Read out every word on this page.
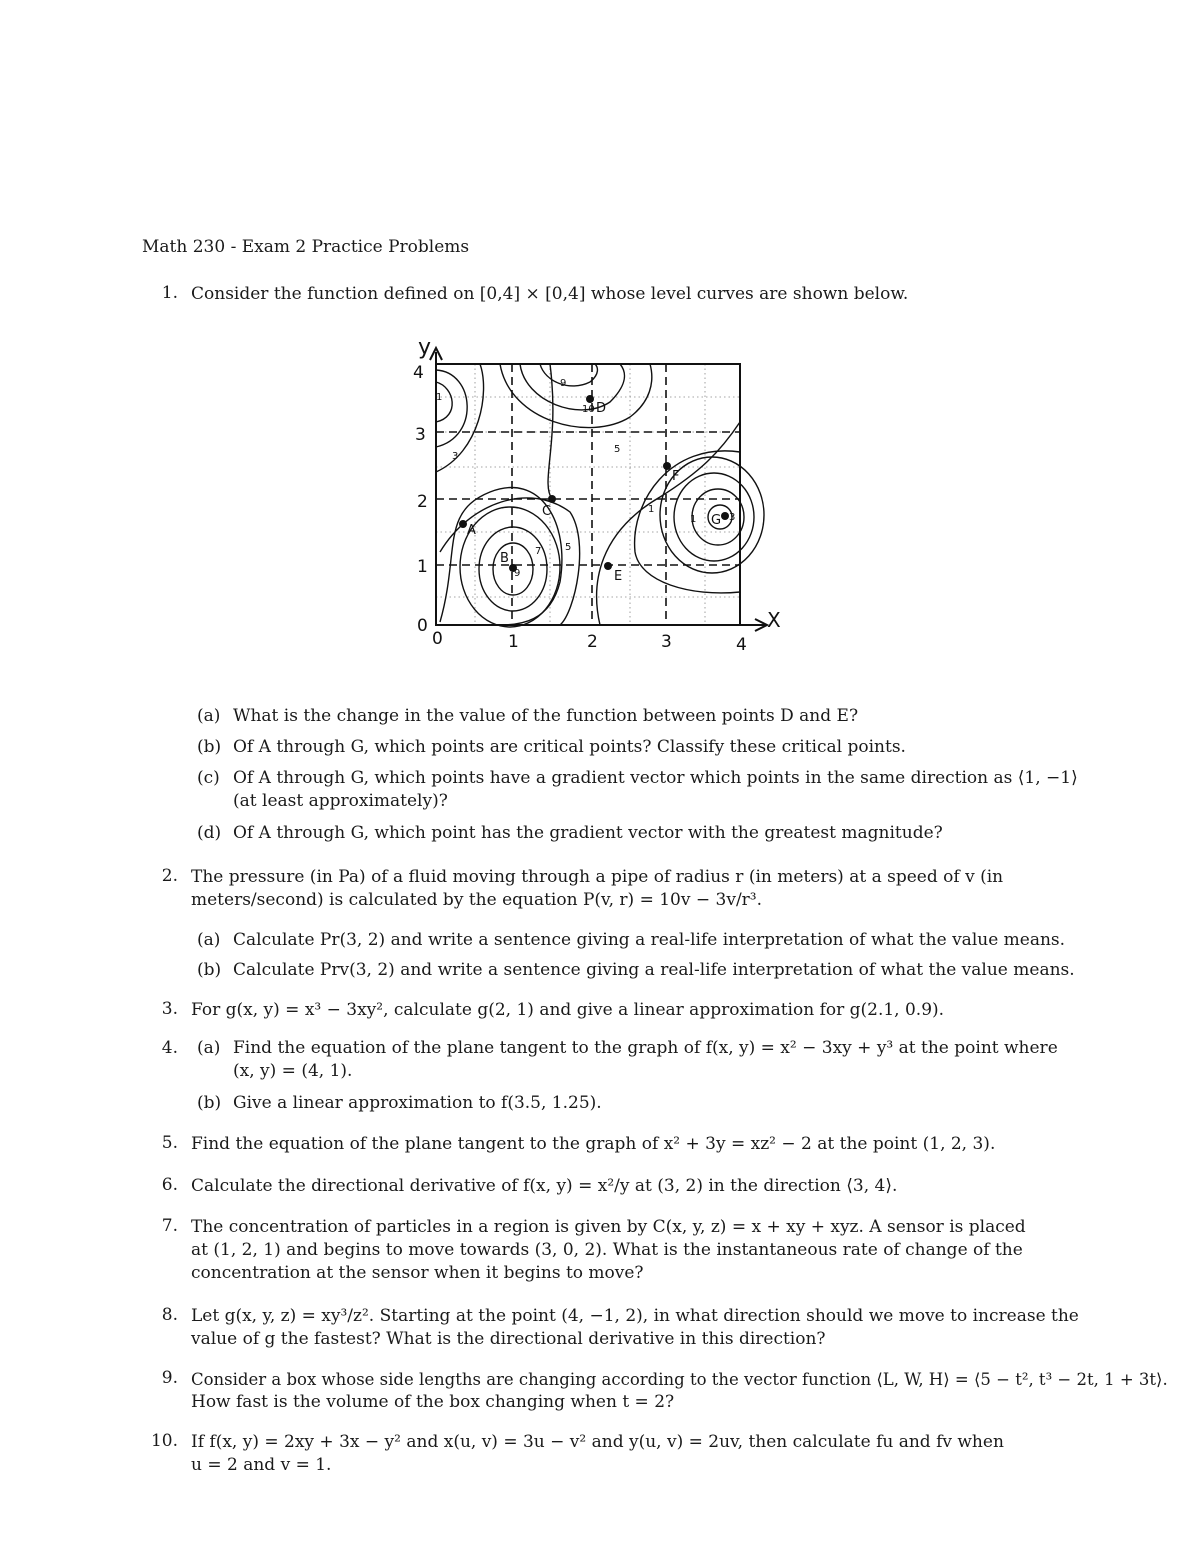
Math 230 - Exam 2 Practice Problems
1. Consider the function defined on [0,4] × [0,4] whose level curves are shown below.
A
B
C
D
E
F
G
1
3
9
10
5
7 5
9
1
1	3
0	1	2	3	4
0
1
2
3
4
X
y
(a) What is the change in the value of the function between points D and E?
(b) Of A through G, which points are critical points? Classify these critical points.
(c) Of A through G, which points have a gradient vector which points in the same direction as ⟨1, −1⟩
(at least approximately)?
(d) Of A through G, which point has the gradient vector with the greatest magnitude?
2. The pressure (in Pa) of a fluid moving through a pipe of radius r (in meters) at a speed of v (in
meters/second) is calculated by the equation P(v, r) = 10v − 3v/r³.
(a) Calculate Pr(3, 2) and write a sentence giving a real-life interpretation of what the value means.
(b) Calculate Prv(3, 2) and write a sentence giving a real-life interpretation of what the value means.
3. For g(x, y) = x³ − 3xy², calculate g(2, 1) and give a linear approximation for g(2.1, 0.9).
4. (a) Find the equation of the plane tangent to the graph of f(x, y) = x² − 3xy + y³ at the point where
(x, y) = (4, 1).
(b) Give a linear approximation to f(3.5, 1.25).
5. Find the equation of the plane tangent to the graph of x² + 3y = xz² − 2 at the point (1, 2, 3).
6. Calculate the directional derivative of f(x, y) = x²/y at (3, 2) in the direction ⟨3, 4⟩.
7. The concentration of particles in a region is given by C(x, y, z) = x + xy + xyz. A sensor is placed
at (1, 2, 1) and begins to move towards (3, 0, 2). What is the instantaneous rate of change of the
concentration at the sensor when it begins to move?
8. Let g(x, y, z) = xy³/z². Starting at the point (4, −1, 2), in what direction should we move to increase the
value of g the fastest? What is the directional derivative in this direction?
9. Consider a box whose side lengths are changing according to the vector function ⟨L, W, H⟩ = ⟨5 − t², t³ − 2t, 1 + 3t⟩.
How fast is the volume of the box changing when t = 2?
10. If f(x, y) = 2xy + 3x − y² and x(u, v) = 3u − v² and y(u, v) = 2uv, then calculate fu and fv when
u = 2 and v = 1.
